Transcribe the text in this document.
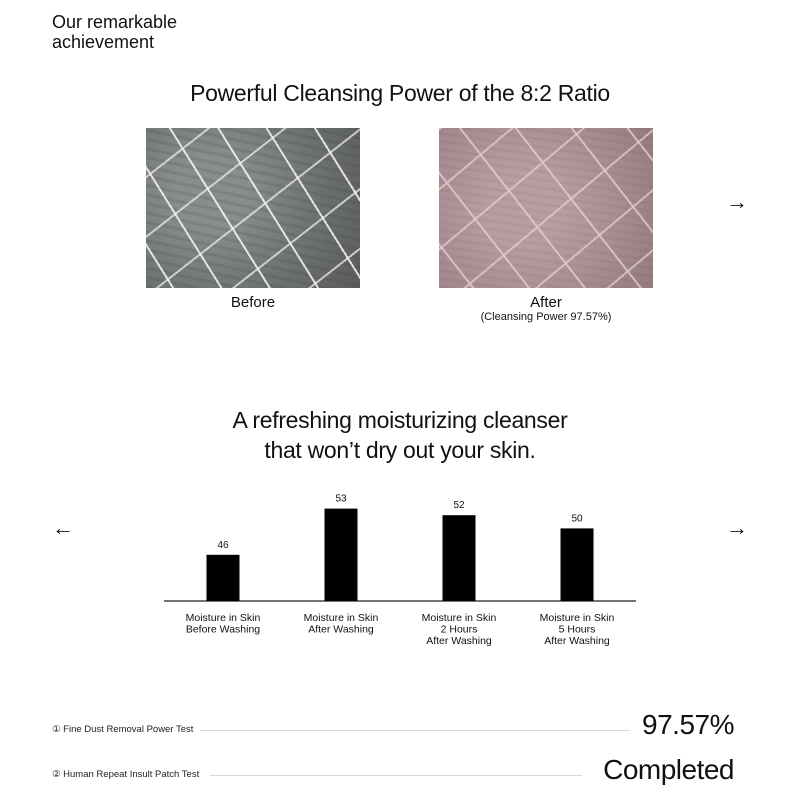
Our remarkable
achievement
Powerful Cleansing Power of the 8:2 Ratio

Before	After

(Cleansing Power 97.57%)
→
A refreshing moisturizing cleanser
that won’t dry out your skin.
←	→
46
Moisture in Skin Before Washing
53
Moisture in Skin After Washing
52
Moisture in Skin 2 Hours After Washing
50
Moisture in Skin 5 Hours After Washing
① Fine Dust Removal Power Test	97.57%
② Human Repeat Insult Patch Test	Completed
